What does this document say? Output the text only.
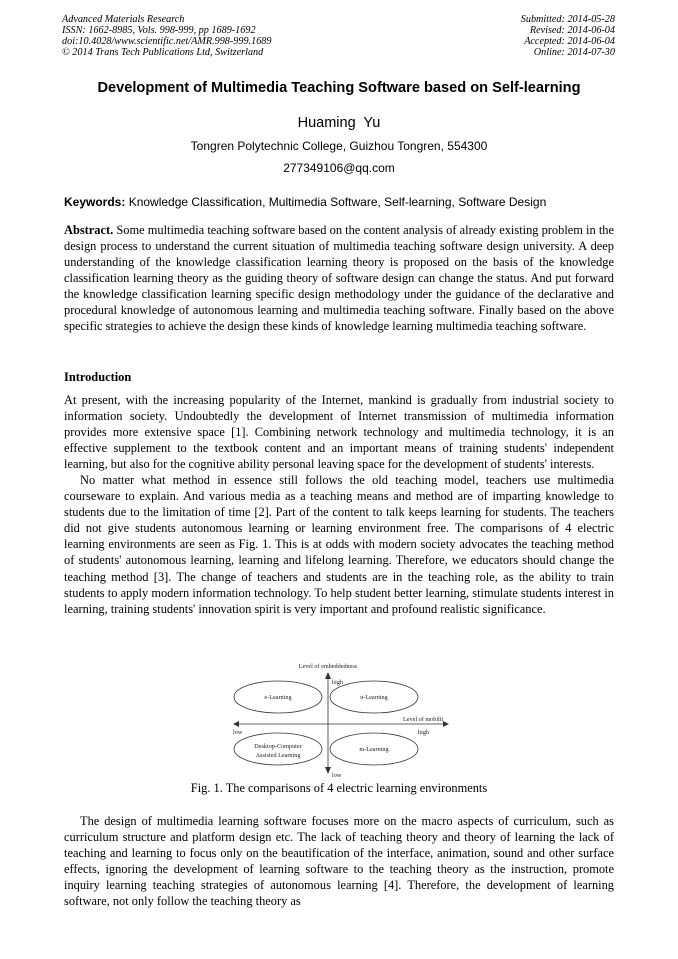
Advanced Materials Research
ISSN: 1662-8985, Vols. 998-999, pp 1689-1692
doi:10.4028/www.scientific.net/AMR.998-999.1689
© 2014 Trans Tech Publications Ltd, Switzerland
Submitted: 2014-05-28
Revised: 2014-06-04
Accepted: 2014-06-04
Online: 2014-07-30
Development of Multimedia Teaching Software based on Self-learning
Huaming  Yu
Tongren Polytechnic College, Guizhou Tongren, 554300
277349106@qq.com
Keywords: Knowledge Classification, Multimedia Software, Self-learning, Software Design
Abstract. Some multimedia teaching software based on the content analysis of already existing problem in the design process to understand the current situation of multimedia teaching software design university. A deep understanding of the knowledge classification learning theory is proposed on the basis of the knowledge classification learning theory as the guiding theory of software design can change the status. And put forward the knowledge classification learning specific design methodology under the guidance of the declarative and procedural knowledge of autonomous learning and multimedia teaching software. Finally based on the above specific strategies to achieve the design these kinds of knowledge learning multimedia teaching software.
Introduction

At present, with the increasing popularity of the Internet, mankind is gradually from industrial society to information society. Undoubtedly the development of Internet transmission of multimedia information provides more extensive space [1]. Combining network technology and multimedia technology, it is an effective supplement to the textbook content and an important means of training students' independent learning, but also for the cognitive ability personal leaving space for the development of students' interests.

No matter what method in essence still follows the old teaching model, teachers use multimedia courseware to explain. And various media as a teaching means and method are of imparting knowledge to students due to the limitation of time [2]. Part of the content to talk keeps learning for students. The teachers did not give students autonomous learning or learning environment free. The comparisons of 4 electric learning environments are seen as Fig. 1. This is at odds with modern society advocates the teaching method of students' autonomous learning, learning and lifelong learning. Therefore, we educators should change the teaching method [3]. The change of teachers and students are in the teaching role, as the ability to train students to apply modern information technology. To help student better learning, stimulate students interest in learning, training students' innovation spirit is very important and profound realistic significance.

Level of embeddedness
high
low
Level of mobilit
low	high
e-Learning	u-Learning
Desktop-Computer
Assisted Learning
m-Learning
Fig. 1. The comparisons of 4 electric learning environments

The design of multimedia learning software focuses more on the macro aspects of curriculum, such as curriculum structure and platform design etc. The lack of teaching theory and theory of learning the lack of teaching and learning to focus only on the beautification of the interface, animation, sound and other surface effects, ignoring the development of learning software to the teaching theory as the instruction, promote inquiry learning teaching strategies of autonomous learning [4]. Therefore, the development of learning software, not only follow the teaching theory as
